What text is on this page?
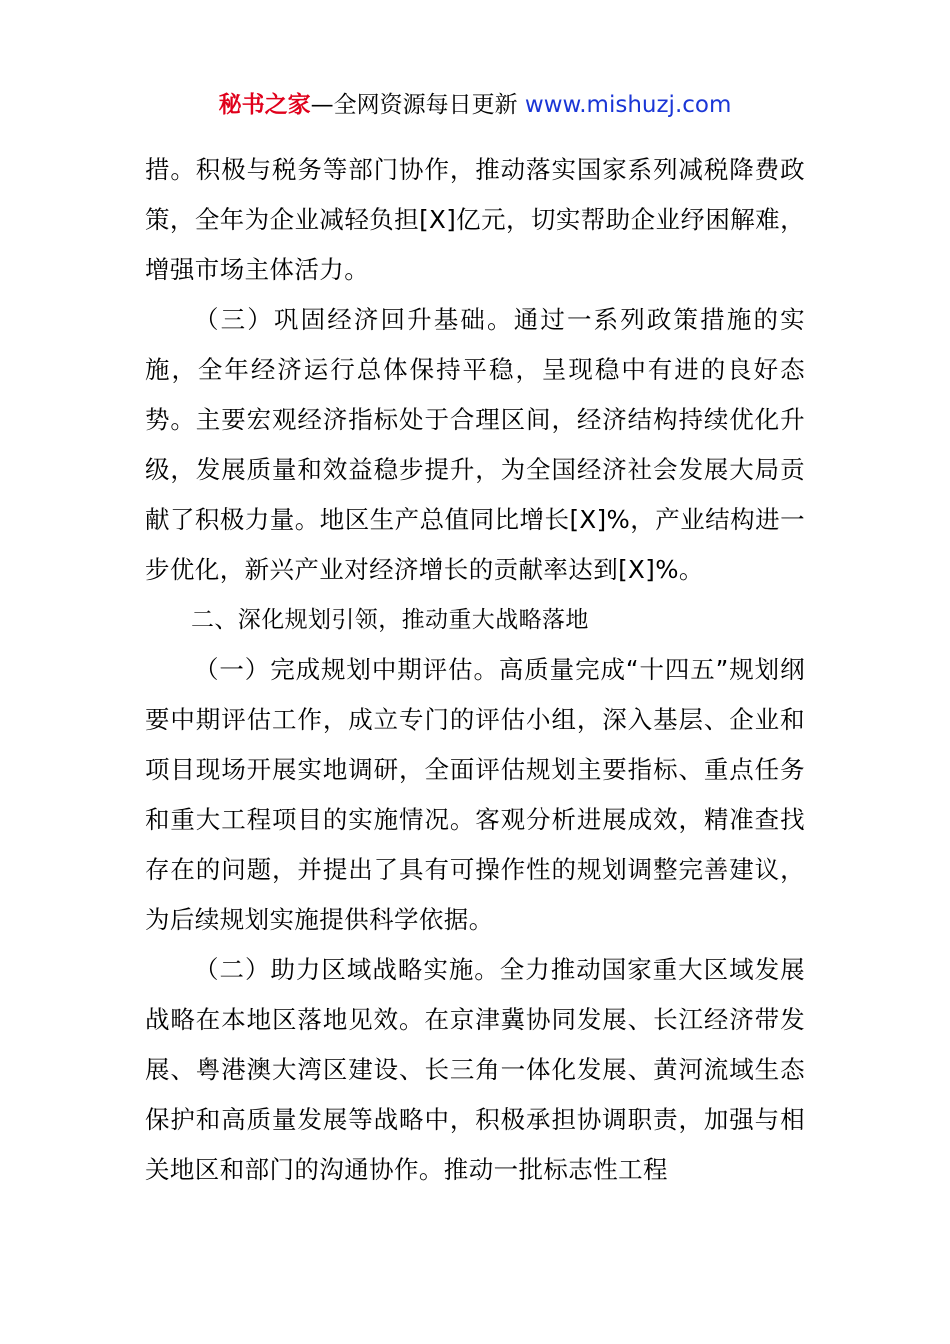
秘书之家—全网资源每日更新 www.mishuzj.com

措。积极与税务等部门协作，推动落实国家系列减税降费政策，全年为企业减轻负担[X]亿元，切实帮助企业纾困解难，增强市场主体活力。

（三）巩固经济回升基础。通过一系列政策措施的实施，全年经济运行总体保持平稳，呈现稳中有进的良好态势。主要宏观经济指标处于合理区间，经济结构持续优化升级，发展质量和效益稳步提升，为全国经济社会发展大局贡献了积极力量。地区生产总值同比增长[X]%，产业结构进一步优化，新兴产业对经济增长的贡献率达到[X]%。

二、深化规划引领，推动重大战略落地

（一）完成规划中期评估。高质量完成“十四五”规划纲要中期评估工作，成立专门的评估小组，深入基层、企业和项目现场开展实地调研，全面评估规划主要指标、重点任务和重大工程项目的实施情况。客观分析进展成效，精准查找存在的问题，并提出了具有可操作性的规划调整完善建议，为后续规划实施提供科学依据。

（二）助力区域战略实施。全力推动国家重大区域发展战略在本地区落地见效。在京津冀协同发展、长江经济带发展、粤港澳大湾区建设、长三角一体化发展、黄河流域生态保护和高质量发展等战略中，积极承担协调职责，加强与相关地区和部门的沟通协作。推动一批标志性工程
